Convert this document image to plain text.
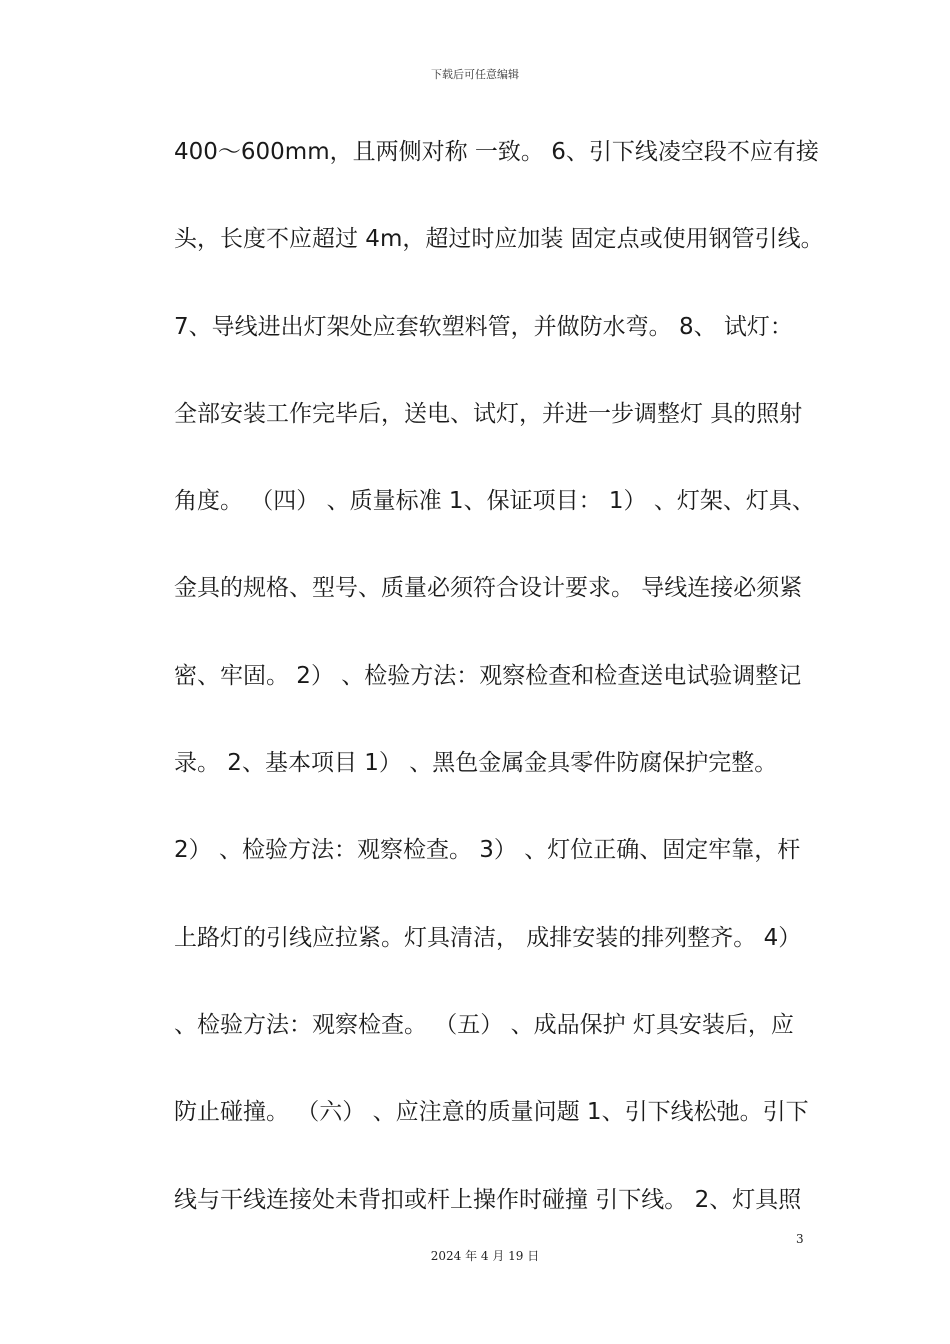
下载后可任意编辑
400～600mm，且两侧对称 一致。 6、引下线凌空段不应有接
头，长度不应超过 4m，超过时应加装 固定点或使用钢管引线。
7、导线进出灯架处应套软塑料管，并做防水弯。 8、 试灯：
全部安装工作完毕后，送电、试灯，并进一步调整灯 具的照射
角度。 （四） 、质量标准 1、保证项目： 1） 、灯架、灯具、
金具的规格、型号、质量必须符合设计要求。 导线连接必须紧
密、牢固。 2） 、检验方法：观察检查和检查送电试验调整记
录。 2、基本项目 1） 、黑色金属金具零件防腐保护完整。
2） 、检验方法：观察检查。 3） 、灯位正确、固定牢靠，杆
上路灯的引线应拉紧。灯具清洁， 成排安装的排列整齐。 4）
、检验方法：观察检查。 （五） 、成品保护 灯具安装后，应
防止碰撞。 （六） 、应注意的质量问题 1、引下线松弛。引下
线与干线连接处未背扣或杆上操作时碰撞 引下线。 2、灯具照
3
2024 年 4 月 19 日
